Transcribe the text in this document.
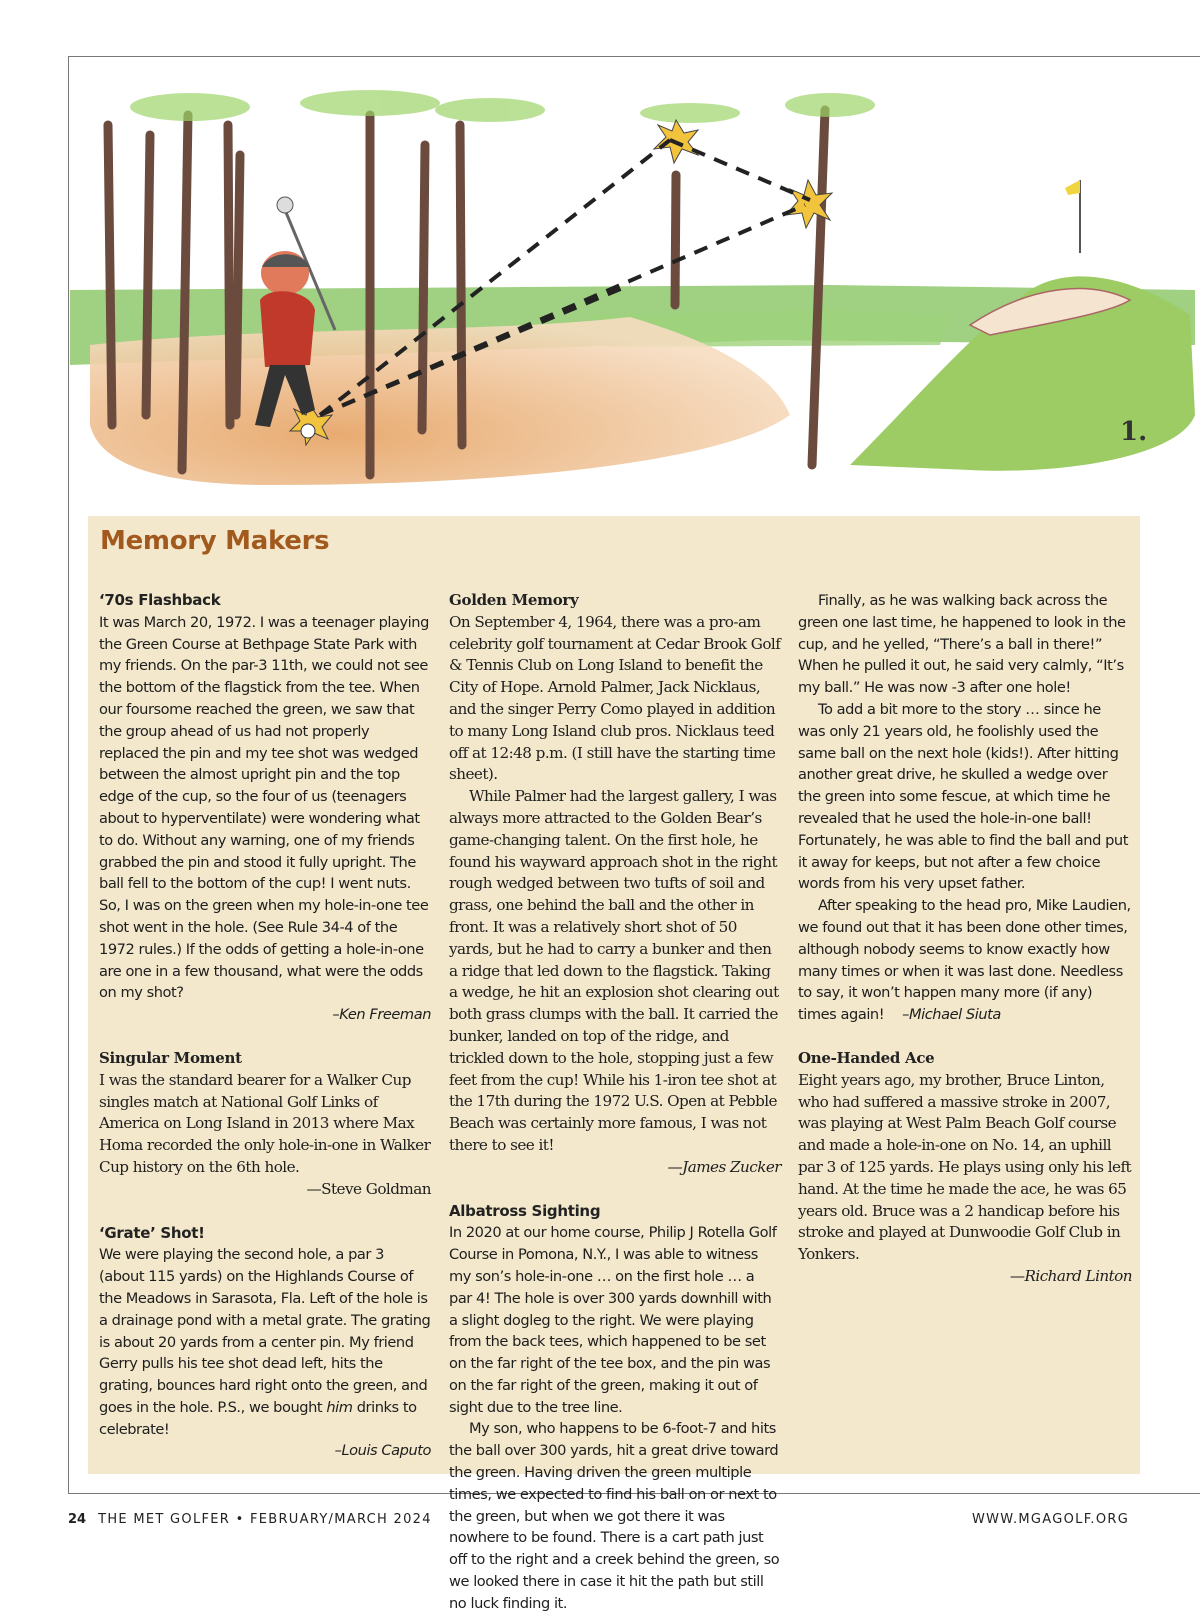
1.
Memory Makers
‘70s Flashback

It was March 20, 1972. I was a teenager playing the Green Course at Bethpage State Park with my friends. On the par-3 11th, we could not see the bottom of the flagstick from the tee. When our foursome reached the green, we saw that the group ahead of us had not properly replaced the pin and my tee shot was wedged between the almost upright pin and the top edge of the cup, so the four of us (teenagers about to hyperventilate) were wondering what to do. Without any warning, one of my friends grabbed the pin and stood it fully upright. The ball fell to the bottom of the cup! I went nuts. So, I was on the green when my hole-in-one tee shot went in the hole. (See Rule 34-4 of the 1972 rules.) If the odds of getting a hole-in-one are one in a few thousand, what were the odds on my shot?

–Ken Freeman

Singular Moment

I was the standard bearer for a Walker Cup singles match at National Golf Links of America on Long Island in 2013 where Max Homa recorded the only hole-in-one in Walker Cup history on the 6th hole.

—Steve Goldman

‘Grate’ Shot!

We were playing the second hole, a par 3 (about 115 yards) on the Highlands Course of the Meadows in Sarasota, Fla. Left of the hole is a drainage pond with a metal grate. The grating is about 20 yards from a center pin. My friend Gerry pulls his tee shot dead left, hits the grating, bounces hard right onto the green, and goes in the hole. P.S., we bought him drinks to celebrate!

–Louis Caputo

Golden Memory

On September 4, 1964, there was a pro-am celebrity golf tournament at Cedar Brook Golf & Tennis Club on Long Island to benefit the City of Hope. Arnold Palmer, Jack Nicklaus, and the singer Perry Como played in addition to many Long Island club pros. Nicklaus teed off at 12:48 p.m. (I still have the starting time sheet).

While Palmer had the largest gallery, I was always more attracted to the Golden Bear’s game-changing talent. On the first hole, he found his wayward approach shot in the right rough wedged between two tufts of soil and grass, one behind the ball and the other in front. It was a relatively short shot of 50 yards, but he had to carry a bunker and then a ridge that led down to the flagstick. Taking a wedge, he hit an explosion shot clearing out both grass clumps with the ball. It carried the bunker, landed on top of the ridge, and trickled down to the hole, stopping just a few feet from the cup! While his 1-iron tee shot at the 17th during the 1972 U.S. Open at Pebble Beach was certainly more famous, I was not there to see it!

—James Zucker

Albatross Sighting

In 2020 at our home course, Philip J Rotella Golf Course in Pomona, N.Y., I was able to witness my son’s hole-in-one … on the first hole … a par 4! The hole is over 300 yards downhill with a slight dogleg to the right. We were playing from the back tees, which happened to be set on the far right of the tee box, and the pin was on the far right of the green, making it out of sight due to the tree line.

My son, who happens to be 6-foot-7 and hits the ball over 300 yards, hit a great drive toward the green. Having driven the green multiple times, we expected to find his ball on or next to the green, but when we got there it was nowhere to be found. There is a cart path just off to the right and a creek behind the green, so we looked there in case it hit the path but still no luck finding it.

Finally, as he was walking back across the green one last time, he happened to look in the cup, and he yelled, “There’s a ball in there!” When he pulled it out, he said very calmly, “It’s my ball.” He was now -3 after one hole!

To add a bit more to the story … since he was only 21 years old, he foolishly used the same ball on the next hole (kids!). After hitting another great drive, he skulled a wedge over the green into some fescue, at which time he revealed that he used the hole-in-one ball! Fortunately, he was able to find the ball and put it away for keeps, but not after a few choice words from his very upset father.

After speaking to the head pro, Mike Laudien, we found out that it has been done other times, although nobody seems to know exactly how many times or when it was last done. Needless to say, it won’t happen many more (if any) times again! –Michael Siuta

One-Handed Ace

Eight years ago, my brother, Bruce Linton, who had suffered a massive stroke in 2007, was playing at West Palm Beach Golf course and made a hole-in-one on No. 14, an uphill par 3 of 125 yards. He plays using only his left hand. At the time he made the ace, he was 65 years old. Bruce was a 2 handicap before his stroke and played at Dunwoodie Golf Club in Yonkers.

—Richard Linton

24 THE MET GOLFER • FEBRUARY/MARCH 2024	WWW.MGAGOLF.ORG
